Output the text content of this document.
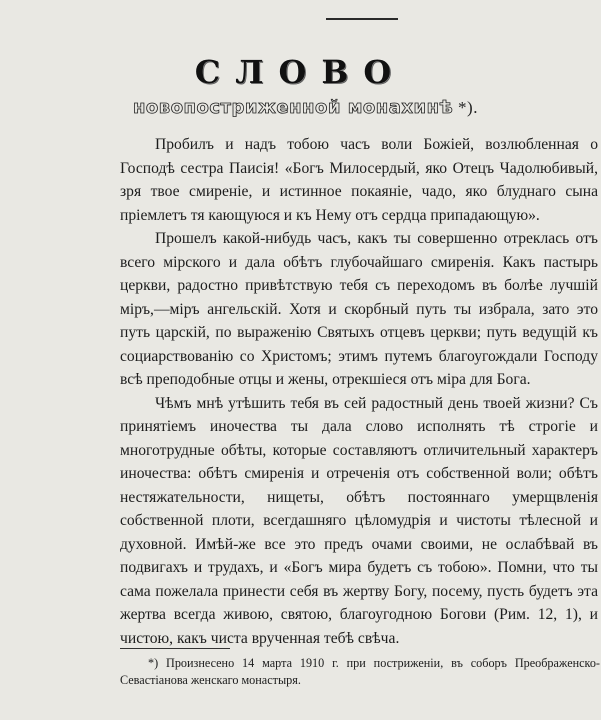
СЛОВО
новопостриженной монахинѣ *).

Пробилъ и надъ тобою часъ воли Божіей, возлюбленная о Господѣ сестра Паисія! «Богъ Милосердый, яко Отецъ Чадолюбивый, зря твое смиреніе, и истинное покаяніе, чадо, яко блуднаго сына пріемлетъ тя кающуюся и къ Нему отъ сердца припадающую».

Прошелъ какой-нибудь часъ, какъ ты совершенно отреклась отъ всего мірского и дала обѣтъ глубочайшаго смиренія. Какъ пастырь церкви, радостно привѣтствую тебя съ переходомъ въ болѣе лучшій міръ,—міръ ангельскій. Хотя и скорбный путь ты избрала, зато это путь царскій, по выраженію Святыхъ отцевъ церкви; путь ведущій къ социарствованію со Христомъ; этимъ путемъ благоугождали Господу всѣ преподобные отцы и жены, отрекшіеся отъ міра для Бога.

Чѣмъ мнѣ утѣшить тебя въ сей радостный день твоей жизни? Съ принятіемъ иночества ты дала слово исполнять тѣ строгіе и многотрудные обѣты, которые составляютъ отличительный характеръ иночества: обѣтъ смиренія и отреченія отъ собственной воли; обѣтъ нестяжательности, нищеты, обѣтъ постояннаго умерщвленія собственной плоти, всегдашняго цѣломудрія и чистоты тѣлесной и духовной. Имѣй-же все это предъ очами своими, не ослабѣвай въ подвигахъ и трудахъ, и «Богъ мира будетъ съ тобою». Помни, что ты сама пожелала принести себя въ жертву Богу, посему, пусть будетъ эта жертва всегда живою, святою, благоугодною Богови (Рим. 12, 1), и чистою, какъ чиста врученная тебѣ свѣча.

*) Произнесено 14 марта 1910 г. при постриженіи, въ соборъ Преображенско-Севастіанова женскаго монастыря.
